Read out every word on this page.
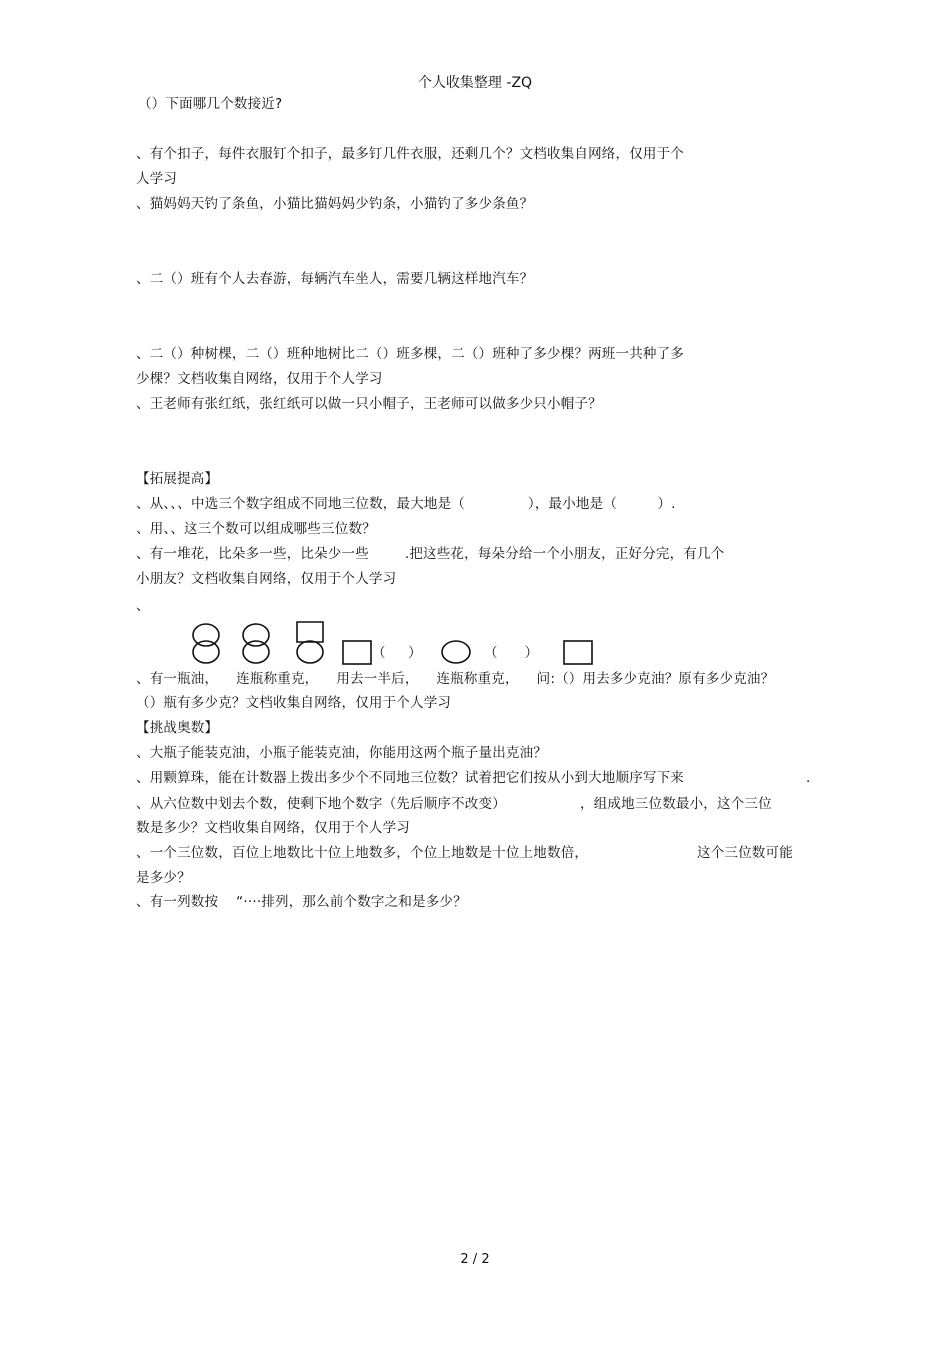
个人收集整理 -ZQ
（）下面哪几个数接近?
、有个扣子，每件衣服钉个扣子，最多钉几件衣服，还剩几个？文档收集自网络，仅用于个
人学习
、猫妈妈天钓了条鱼，小猫比猫妈妈少钓条，小猫钓了多少条鱼？
、二（）班有个人去春游，每辆汽车坐人，需要几辆这样地汽车？
、二（）种树棵，二（）班种地树比二（）班多棵，二（）班种了多少棵？两班一共种了多
少棵？文档收集自网络，仅用于个人学习
、王老师有张红纸，张红纸可以做一只小帽子，王老师可以做多少只小帽子？
【拓展提高】
、从、、、中选三个数字组成不同地三位数，最大地是（              ），最小地是（         ）.
、用、、这三个数可以组成哪些三位数？
、有一堆花，比朵多一些，比朵少一些        .把这些花，每朵分给一个小朋友，正好分完，有几个
小朋友？文档收集自网络，仅用于个人学习
、
（     ）	（      ）
、有一瓶油，    连瓶称重克，    用去一半后，    连瓶称重克，    问:（）用去多少克油？原有多少克油？
（）瓶有多少克？文档收集自网络，仅用于个人学习
【挑战奥数】
、大瓶子能装克油，小瓶子能装克油，你能用这两个瓶子量出克油？
、用颗算珠，能在计数器上拨出多少个不同地三位数？试着把它们按从小到大地顺序写下来	.
、从六位数中划去个数，使剩下地个数字（先后顺序不改变）	，组成地三位数最小，这个三位
数是多少？文档收集自网络，仅用于个人学习
、一个三位数，百位上地数比十位上地数多，个位上地数是十位上地数倍，	这个三位数可能
是多少？
、有一列数按    “····排列，那么前个数字之和是多少？
2 / 2
